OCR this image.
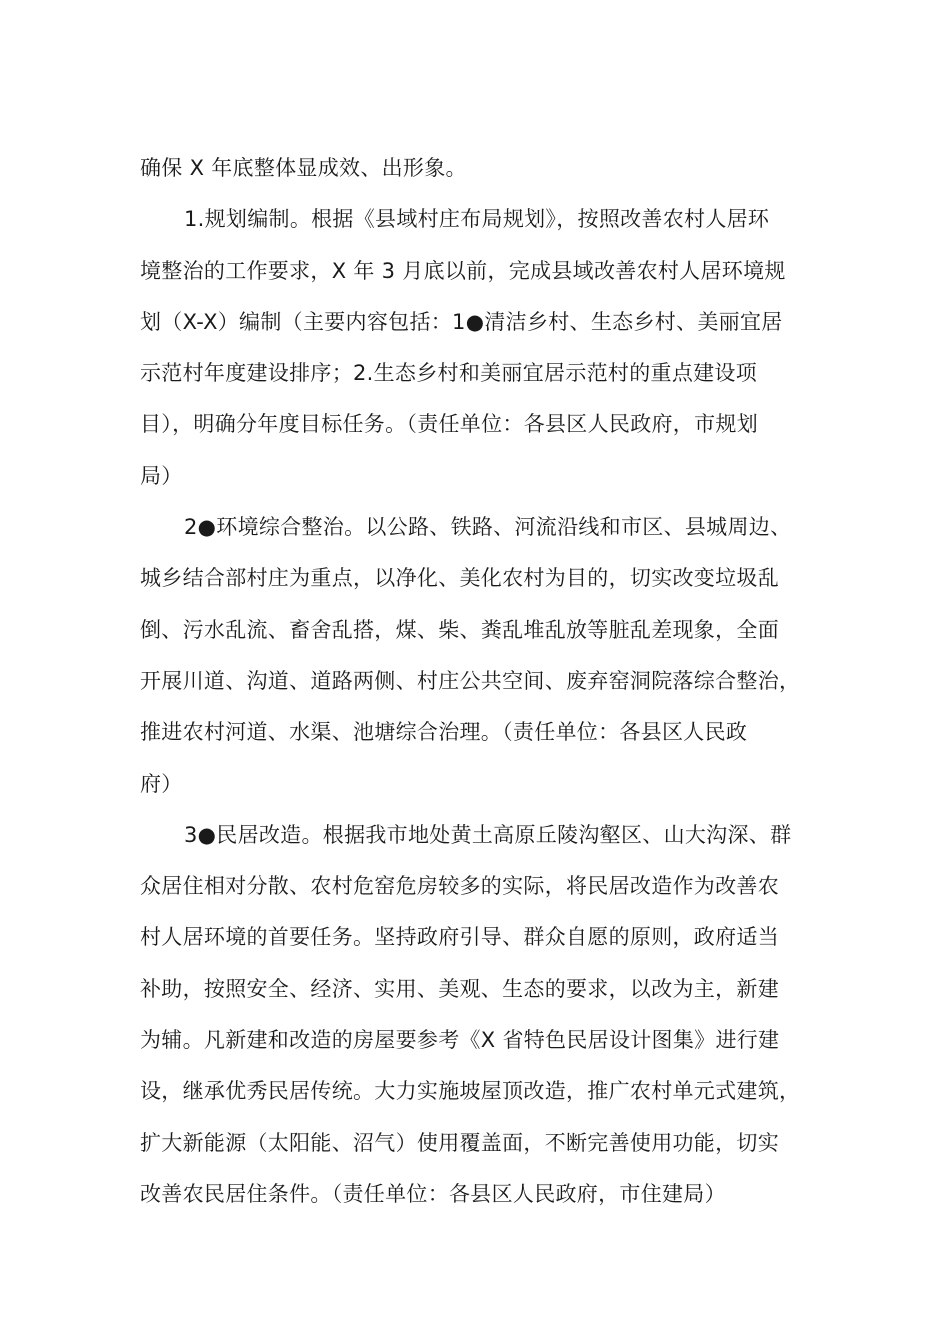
确保 X 年底整体显成效、出形象。
1.规划编制。根据《县域村庄布局规划》，按照改善农村人居环
境整治的工作要求，X 年 3 月底以前，完成县域改善农村人居环境规
划（X-X）编制（主要内容包括：1●清洁乡村、生态乡村、美丽宜居
示范村年度建设排序；2.生态乡村和美丽宜居示范村的重点建设项
目），明确分年度目标任务。（责任单位：各县区人民政府，市规划
局）
2●环境综合整治。以公路、铁路、河流沿线和市区、县城周边、
城乡结合部村庄为重点，以净化、美化农村为目的，切实改变垃圾乱
倒、污水乱流、畜舍乱搭，煤、柴、粪乱堆乱放等脏乱差现象，全面
开展川道、沟道、道路两侧、村庄公共空间、废弃窑洞院落综合整治，
推进农村河道、水渠、池塘综合治理。（责任单位：各县区人民政
府）
3●民居改造。根据我市地处黄土高原丘陵沟壑区、山大沟深、群
众居住相对分散、农村危窑危房较多的实际，将民居改造作为改善农
村人居环境的首要任务。坚持政府引导、群众自愿的原则，政府适当
补助，按照安全、经济、实用、美观、生态的要求，以改为主，新建
为辅。凡新建和改造的房屋要参考《X 省特色民居设计图集》进行建
设，继承优秀民居传统。大力实施坡屋顶改造，推广农村单元式建筑，
扩大新能源（太阳能、沼气）使用覆盖面，不断完善使用功能，切实
改善农民居住条件。（责任单位：各县区人民政府，市住建局）
